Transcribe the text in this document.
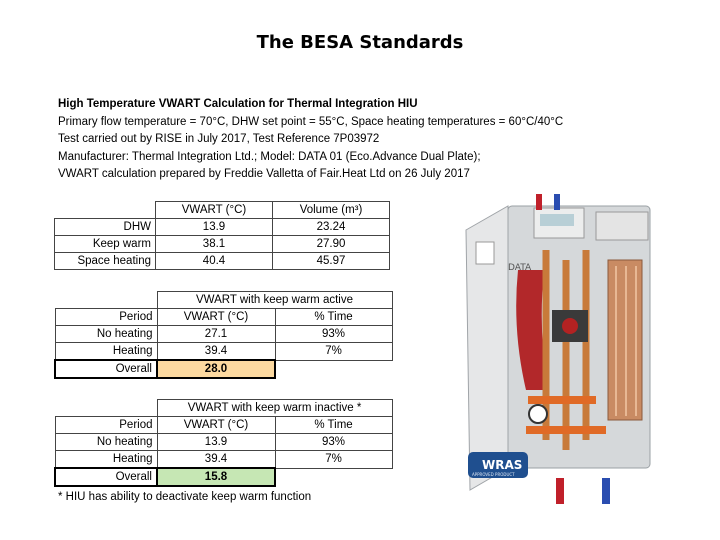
The BESA Standards
High Temperature VWART Calculation for Thermal Integration HIU
Primary flow temperature = 70°C, DHW set point = 55°C, Space heating temperatures = 60°C/40°C
Test carried out by RISE in July 2017, Test Reference 7P03972
Manufacturer: Thermal Integration Ltd.; Model: DATA 01 (Eco.Advance Dual Plate);
VWART calculation prepared by Freddie Valletta of Fair.Heat Ltd on 26 July 2017
	VWART (°C)	Volume (m³)
DHW	13.9	23.24
Keep warm	38.1	27.90
Space heating	40.4	45.97
	VWART with keep warm active	
Period	VWART (°C)	% Time
No heating	27.1	93%
Heating	39.4	7%
Overall	28.0	
	VWART with keep warm inactive *	
Period	VWART (°C)	% Time
No heating	13.9	93%
Heating	39.4	7%
Overall	15.8	
* HIU has ability to deactivate keep warm function
DATA
WRAS
APPROVED PRODUCT
